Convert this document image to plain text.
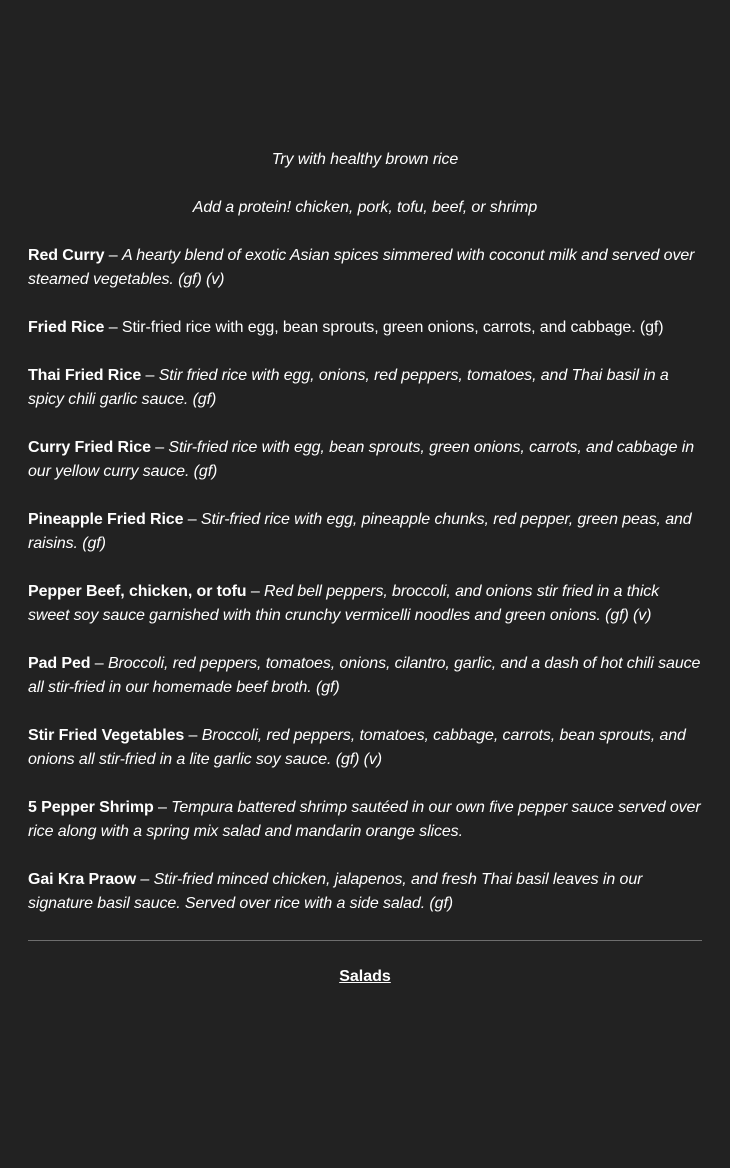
Try with healthy brown rice

Add a protein! chicken, pork, tofu, beef, or shrimp

Red Curry – A hearty blend of exotic Asian spices simmered with coconut milk and served over steamed vegetables. (gf) (v)

Fried Rice – Stir-fried rice with egg, bean sprouts, green onions, carrots, and cabbage. (gf)

Thai Fried Rice – Stir fried rice with egg, onions, red peppers, tomatoes, and Thai basil in a spicy chili garlic sauce. (gf)

Curry Fried Rice – Stir-fried rice with egg, bean sprouts, green onions, carrots, and cabbage in our yellow curry sauce. (gf)

Pineapple Fried Rice – Stir-fried rice with egg, pineapple chunks, red pepper, green peas, and raisins. (gf)

Pepper Beef, chicken, or tofu – Red bell peppers, broccoli, and onions stir fried in a thick sweet soy sauce garnished with thin crunchy vermicelli noodles and green onions. (gf) (v)

Pad Ped – Broccoli, red peppers, tomatoes, onions, cilantro, garlic, and a dash of hot chili sauce all stir-fried in our homemade beef broth. (gf)

Stir Fried Vegetables – Broccoli, red peppers, tomatoes, cabbage, carrots, bean sprouts, and onions all stir-fried in a lite garlic soy sauce. (gf) (v)

5 Pepper Shrimp – Tempura battered shrimp sautéed in our own five pepper sauce served over rice along with a spring mix salad and mandarin orange slices.

Gai Kra Praow – Stir-fried minced chicken, jalapenos, and fresh Thai basil leaves in our signature basil sauce. Served over rice with a side salad. (gf)

Salads
